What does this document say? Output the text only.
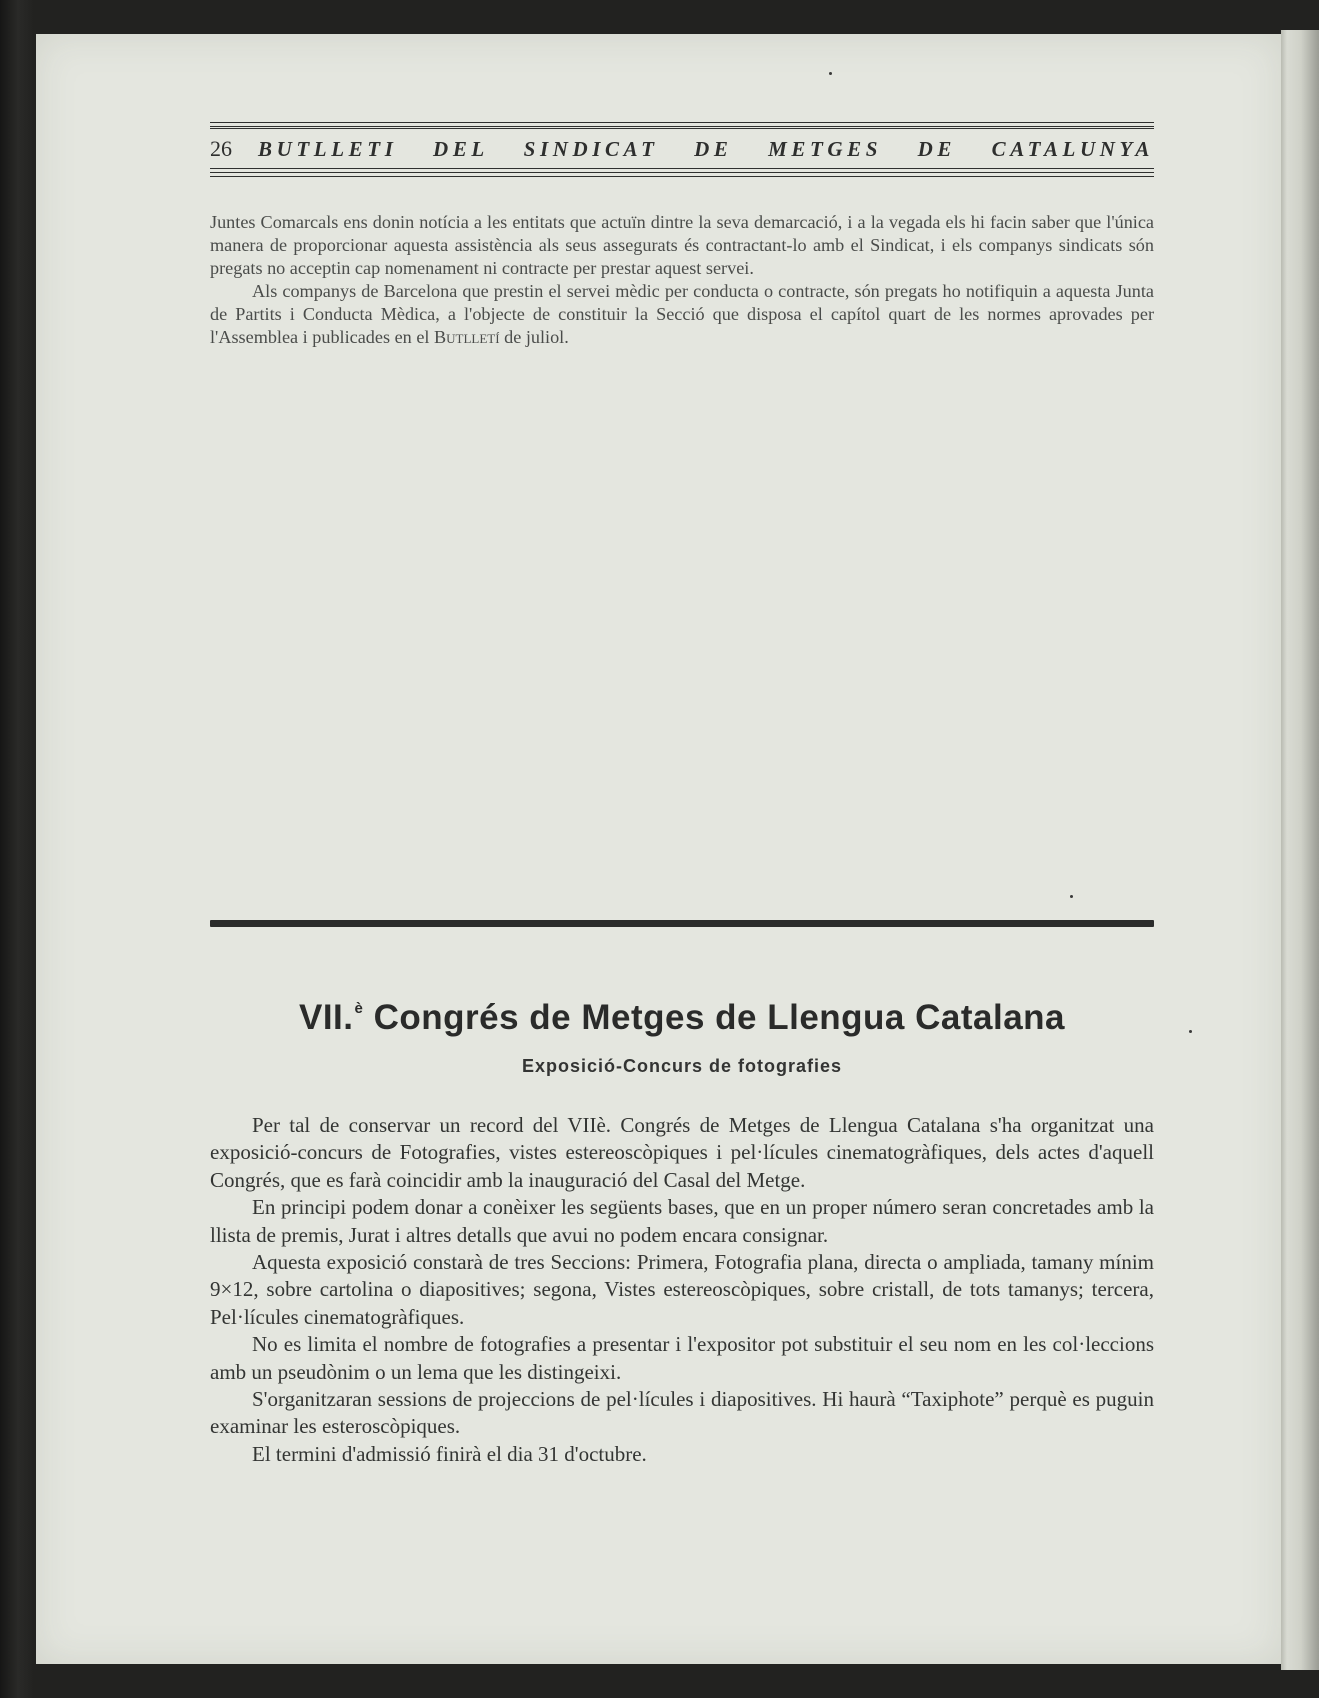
26	BUTLLETI DEL SINDICAT DE METGES DE CATALUNYA

Juntes Comarcals ens donin notícia a les entitats que actuïn dintre la seva demarcació, i a la vegada els hi facin saber que l'única manera de proporcionar aquesta assistència als seus assegurats és contractant-lo amb el Sindicat, i els companys sindicats són pregats no acceptin cap nomenament ni contracte per prestar aquest servei.

Als companys de Barcelona que prestin el servei mèdic per conducta o contracte, són pregats ho notifiquin a aquesta Junta de Partits i Conducta Mèdica, a l'objecte de constituir la Secció que disposa el capítol quart de les normes aprovades per l'Assemblea i publicades en el Butlletí de juliol.

VII.$^è$ Congrés de Metges de Llengua Catalana
Exposició-Concurs de fotografies

Per tal de conservar un record del VIIè. Congrés de Metges de Llengua Catalana s'ha organitzat una exposició-concurs de Fotografies, vistes estereoscòpiques i pel·lícules cinematogràfiques, dels actes d'aquell Congrés, que es farà coincidir amb la inauguració del Casal del Metge.

En principi podem donar a conèixer les següents bases, que en un proper número seran concretades amb la llista de premis, Jurat i altres detalls que avui no podem encara consignar.

Aquesta exposició constarà de tres Seccions: Primera, Fotografia plana, directa o ampliada, tamany mínim 9×12, sobre cartolina o diapositives; segona, Vistes estereoscòpiques, sobre cristall, de tots tamanys; tercera, Pel·lícules cinematogràfiques.

No es limita el nombre de fotografies a presentar i l'expositor pot substituir el seu nom en les col·leccions amb un pseudònim o un lema que les distingeixi.

S'organitzaran sessions de projeccions de pel·lícules i diapositives. Hi haurà “Taxiphote” perquè es puguin examinar les esteroscòpiques.

El termini d'admissió finirà el dia 31 d'octubre.
